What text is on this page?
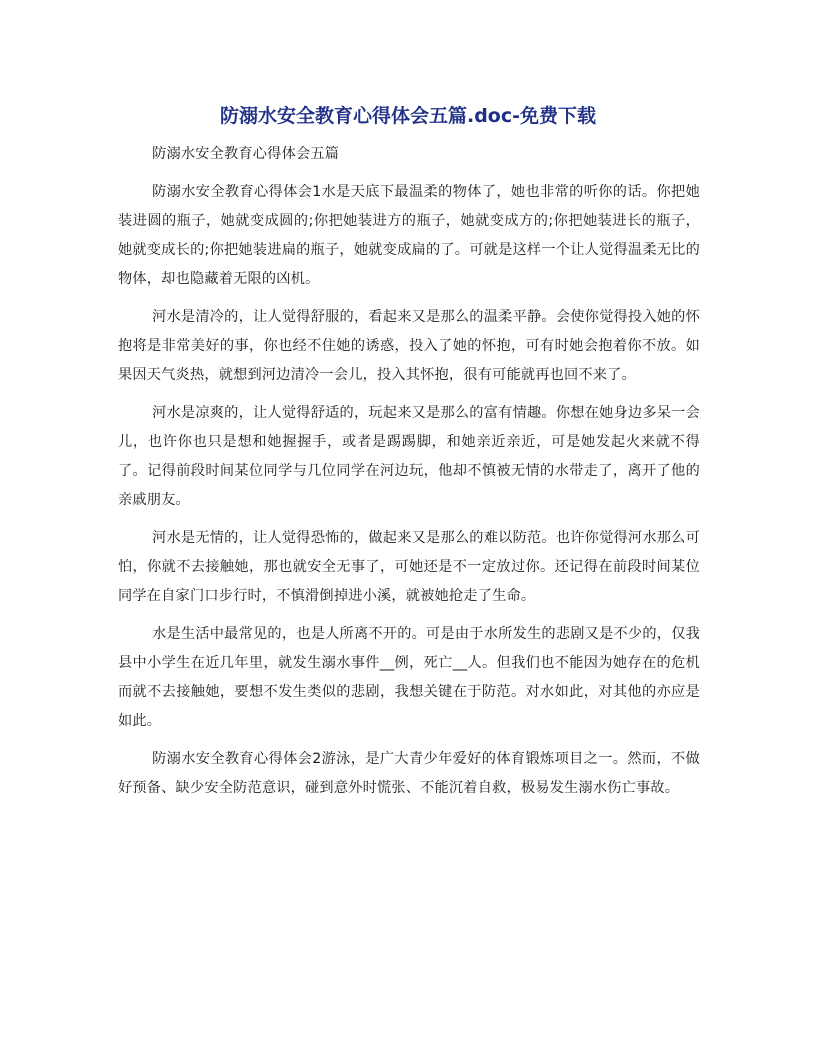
防溺水安全教育心得体会五篇.doc-免费下载

防溺水安全教育心得体会五篇

防溺水安全教育心得体会1水是天底下最温柔的物体了，她也非常的听你的话。你把她装进圆的瓶子，她就变成圆的;你把她装进方的瓶子，她就变成方的;你把她装进长的瓶子，她就变成长的;你把她装进扁的瓶子，她就变成扁的了。可就是这样一个让人觉得温柔无比的物体，却也隐藏着无限的凶机。

河水是清冷的，让人觉得舒服的，看起来又是那么的温柔平静。会使你觉得投入她的怀抱将是非常美好的事，你也经不住她的诱惑，投入了她的怀抱，可有时她会抱着你不放。如果因天气炎热，就想到河边清冷一会儿，投入其怀抱，很有可能就再也回不来了。

河水是凉爽的，让人觉得舒适的，玩起来又是那么的富有情趣。你想在她身边多呆一会儿，也许你也只是想和她握握手，或者是踢踢脚，和她亲近亲近，可是她发起火来就不得了。记得前段时间某位同学与几位同学在河边玩，他却不慎被无情的水带走了，离开了他的亲戚朋友。

河水是无情的，让人觉得恐怖的，做起来又是那么的难以防范。也许你觉得河水那么可怕，你就不去接触她，那也就安全无事了，可她还是不一定放过你。还记得在前段时间某位同学在自家门口步行时，不慎滑倒掉进小溪，就被她抢走了生命。

水是生活中最常见的，也是人所离不开的。可是由于水所发生的悲剧又是不少的，仅我县中小学生在近几年里，就发生溺水事件__例，死亡__人。但我们也不能因为她存在的危机而就不去接触她，要想不发生类似的悲剧，我想关键在于防范。对水如此，对其他的亦应是如此。

防溺水安全教育心得体会2游泳，是广大青少年爱好的体育锻炼项目之一。然而，不做好预备、缺少安全防范意识，碰到意外时慌张、不能沉着自救，极易发生溺水伤亡事故。
